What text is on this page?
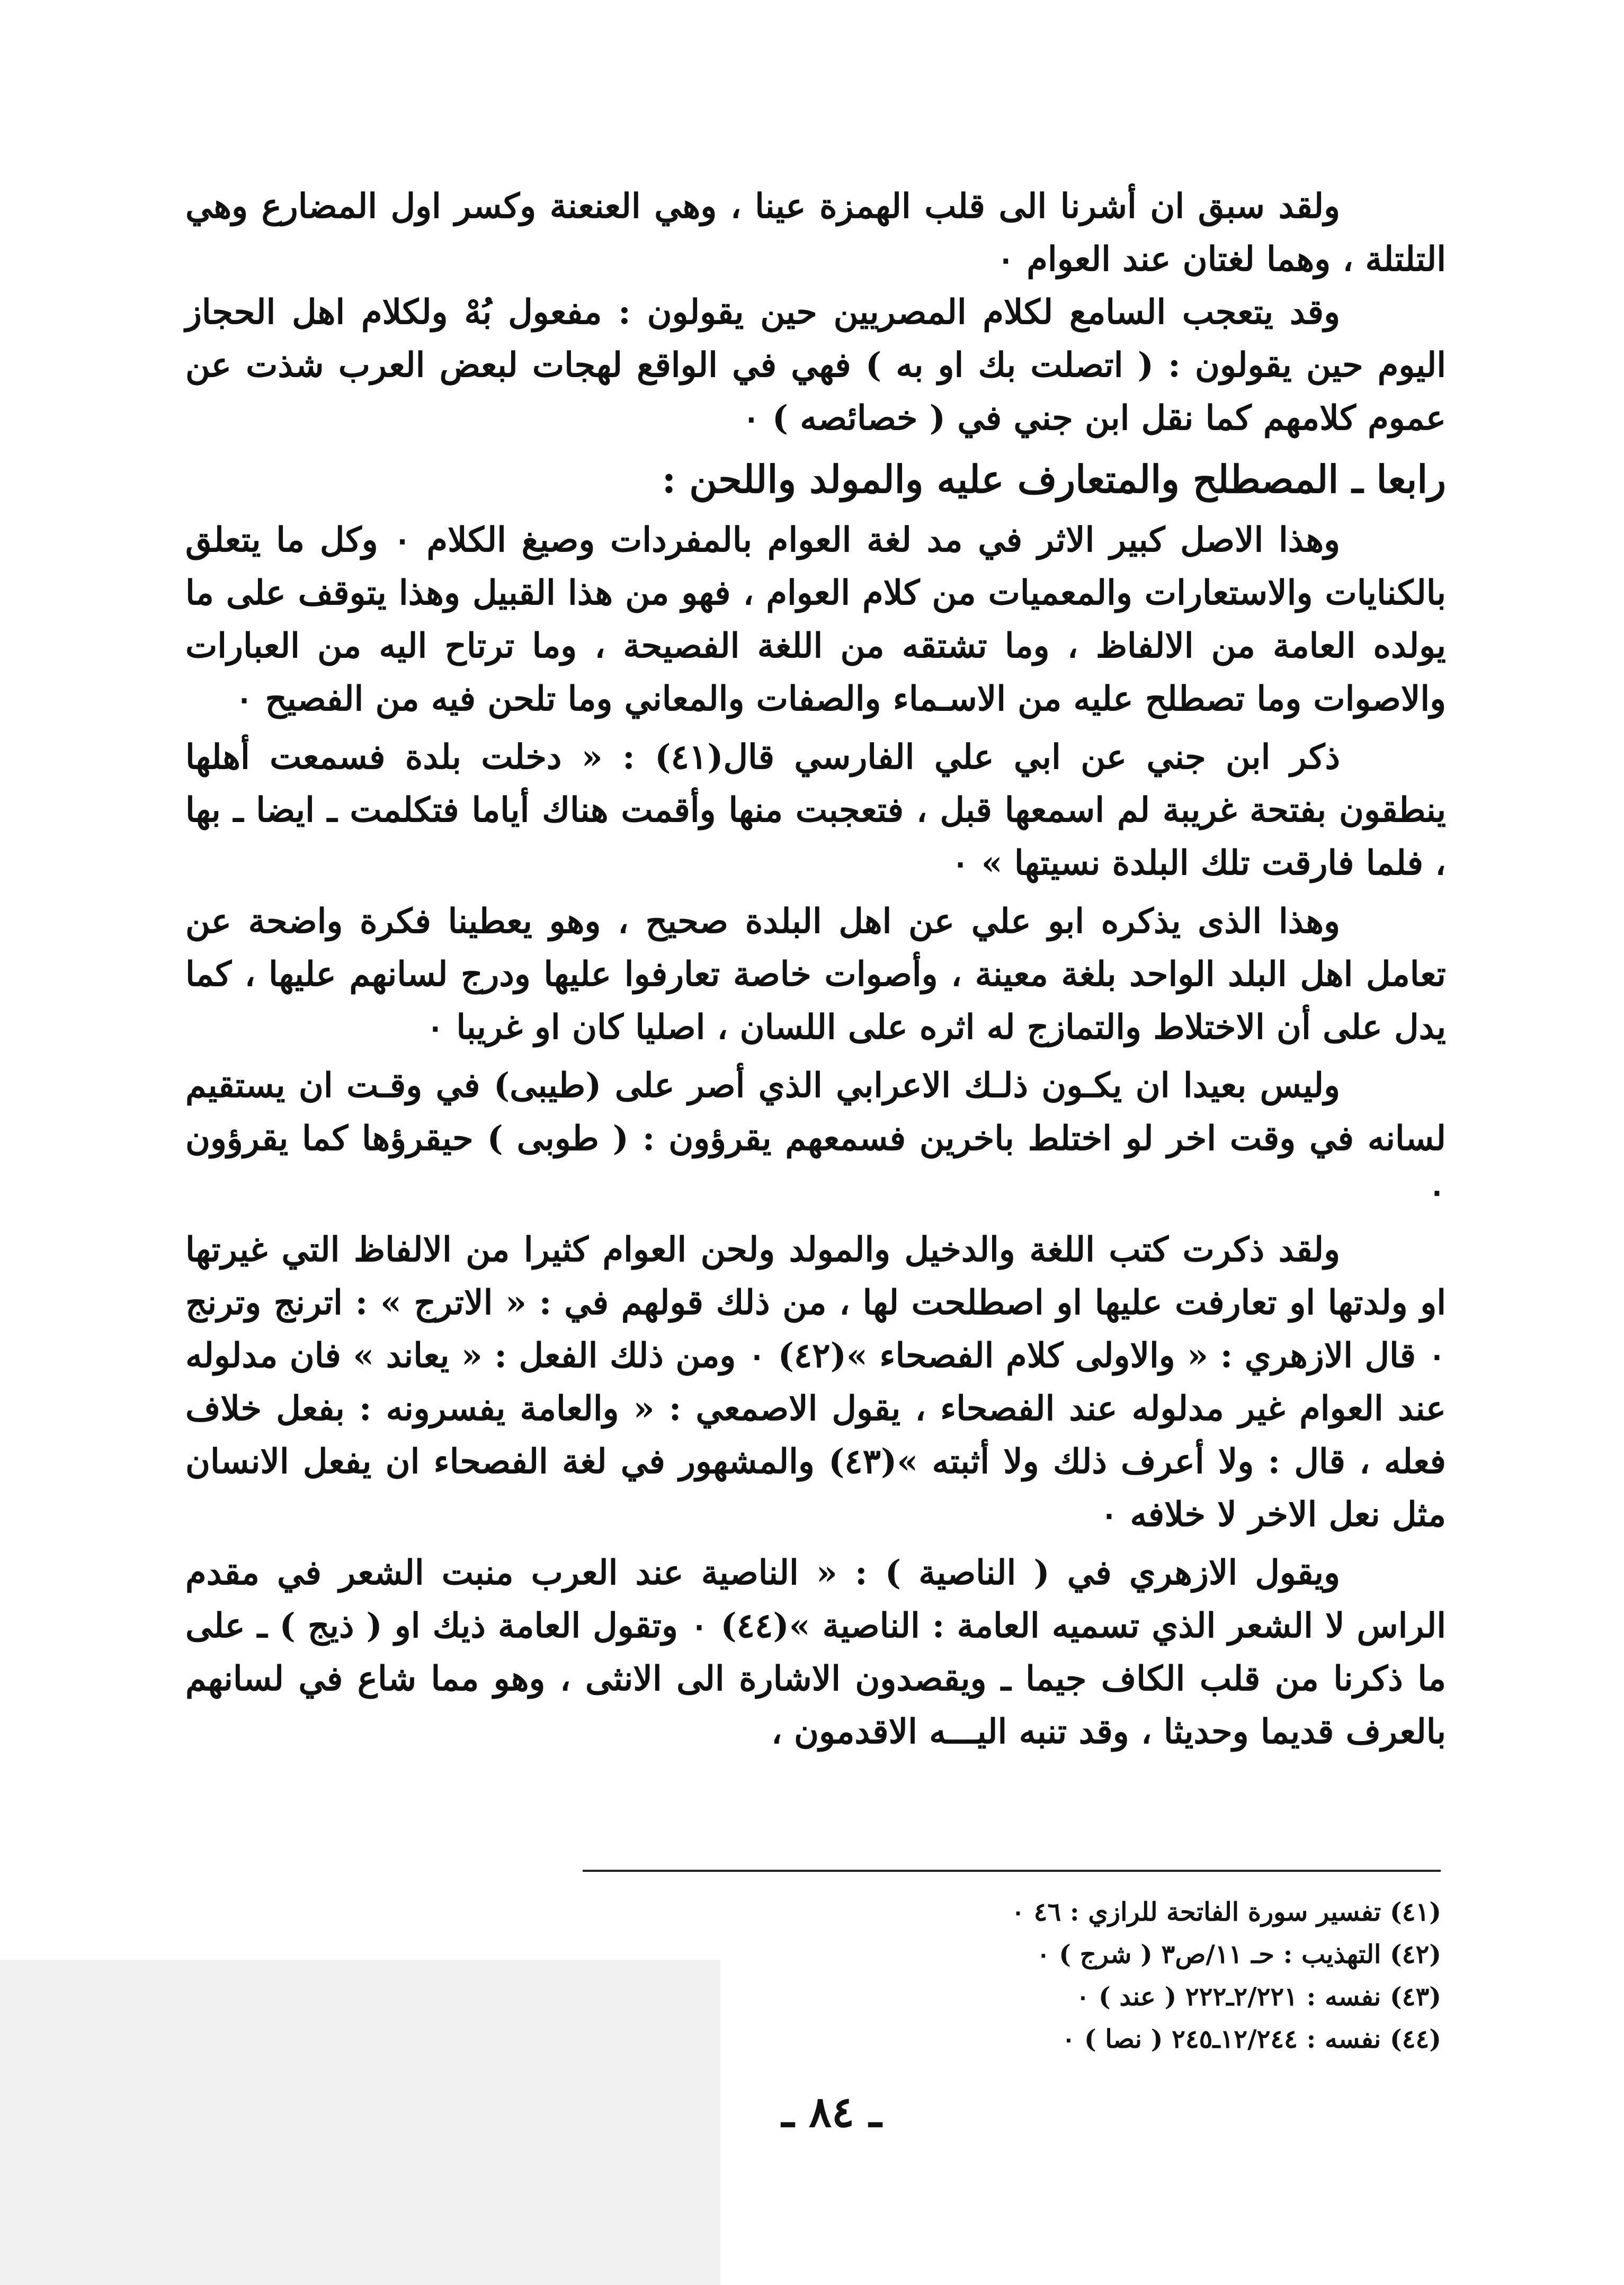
ولقد سبق ان أشرنا الى قلب الهمزة عينا ، وهي العنعنة وكسر اول المضارع وهي التلتلة ، وهما لغتان عند العوام ٠

وقد يتعجب السامع لكلام المصريين حين يقولون : مفعول بُهْ ولكلام اهل الحجاز اليوم حين يقولون : ( اتصلت بك او به ) فهي في الواقع لهجات لبعض العرب شذت عن عموم كلامهم كما نقل ابن جني في ( خصائصه ) ٠

رابعا ـ المصطلح والمتعارف عليه والمولد واللحن :

وهذا الاصل كبير الاثر في مد لغة العوام بالمفردات وصيغ الكلام ٠ وكل ما يتعلق بالكنايات والاستعارات والمعميات من كلام العوام ، فهو من هذا القبيل وهذا يتوقف على ما يولده العامة من الالفاظ ، وما تشتقه من اللغة الفصيحة ، وما ترتاح اليه من العبارات والاصوات وما تصطلح عليه من الاسـماء والصفات والمعاني وما تلحن فيه من الفصيح ٠

ذكر ابن جني عن ابي علي الفارسي قال(٤١) : « دخلت بلدة فسمعت أهلها ينطقون بفتحة غريبة لم اسمعها قبل ، فتعجبت منها وأقمت هناك أياما فتكلمت ـ ايضا ـ بها ، فلما فارقت تلك البلدة نسيتها » ٠

وهذا الذى يذكره ابو علي عن اهل البلدة صحيح ، وهو يعطينا فكرة واضحة عن تعامل اهل البلد الواحد بلغة معينة ، وأصوات خاصة تعارفوا عليها ودرج لسانهم عليها ، كما يدل على أن الاختلاط والتمازج له اثره على اللسان ، اصليا كان او غريبا ٠

وليس بعيدا ان يكـون ذلـك الاعرابي الذي أصر على (طيبى) في وقـت ان يستقيم لسانه في وقت اخر لو اختلط باخرين فسمعهم يقرؤون : ( طوبى ) حيقرؤها كما يقرؤون ٠

ولقد ذكرت كتب اللغة والدخيل والمولد ولحن العوام كثيرا من الالفاظ التي غيرتها او ولدتها او تعارفت عليها او اصطلحت لها ، من ذلك قولهم في : « الاترج » : اترنج وترنج ٠ قال الازهري : « والاولى كلام الفصحاء »(٤٢) ٠ ومن ذلك الفعل : « يعاند » فان مدلوله عند العوام غير مدلوله عند الفصحاء ، يقول الاصمعي : « والعامة يفسرونه : بفعل خلاف فعله ، قال : ولا أعرف ذلك ولا أثبته »(٤٣) والمشهور في لغة الفصحاء ان يفعل الانسان مثل نعل الاخر لا خلافه ٠

ويقول الازهري في ( الناصية ) : « الناصية عند العرب منبت الشعر في مقدم الراس لا الشعر الذي تسميه العامة : الناصية »(٤٤) ٠ وتقول العامة ذيك او ( ذيج ) ـ على ما ذكرنا من قلب الكاف جيما ـ ويقصدون الاشارة الى الانثى ، وهو مما شاع في لسانهم بالعرف قديما وحديثا ، وقد تنبه اليـــه الاقدمون ،

(٤١) تفسير سورة الفاتحة للرازي : ٤٦ ٠
(٤٢) التهذيب : حـ ١١/ص٣ ( شرج ) ٠
(٤٣) نفسه : ٢/٢٢١ـ٢٢٢ ( عند ) ٠
(٤٤) نفسه : ١٢/٢٤٤ـ٢٤٥ ( نصا ) ٠
ـ ٨٤ ـ
